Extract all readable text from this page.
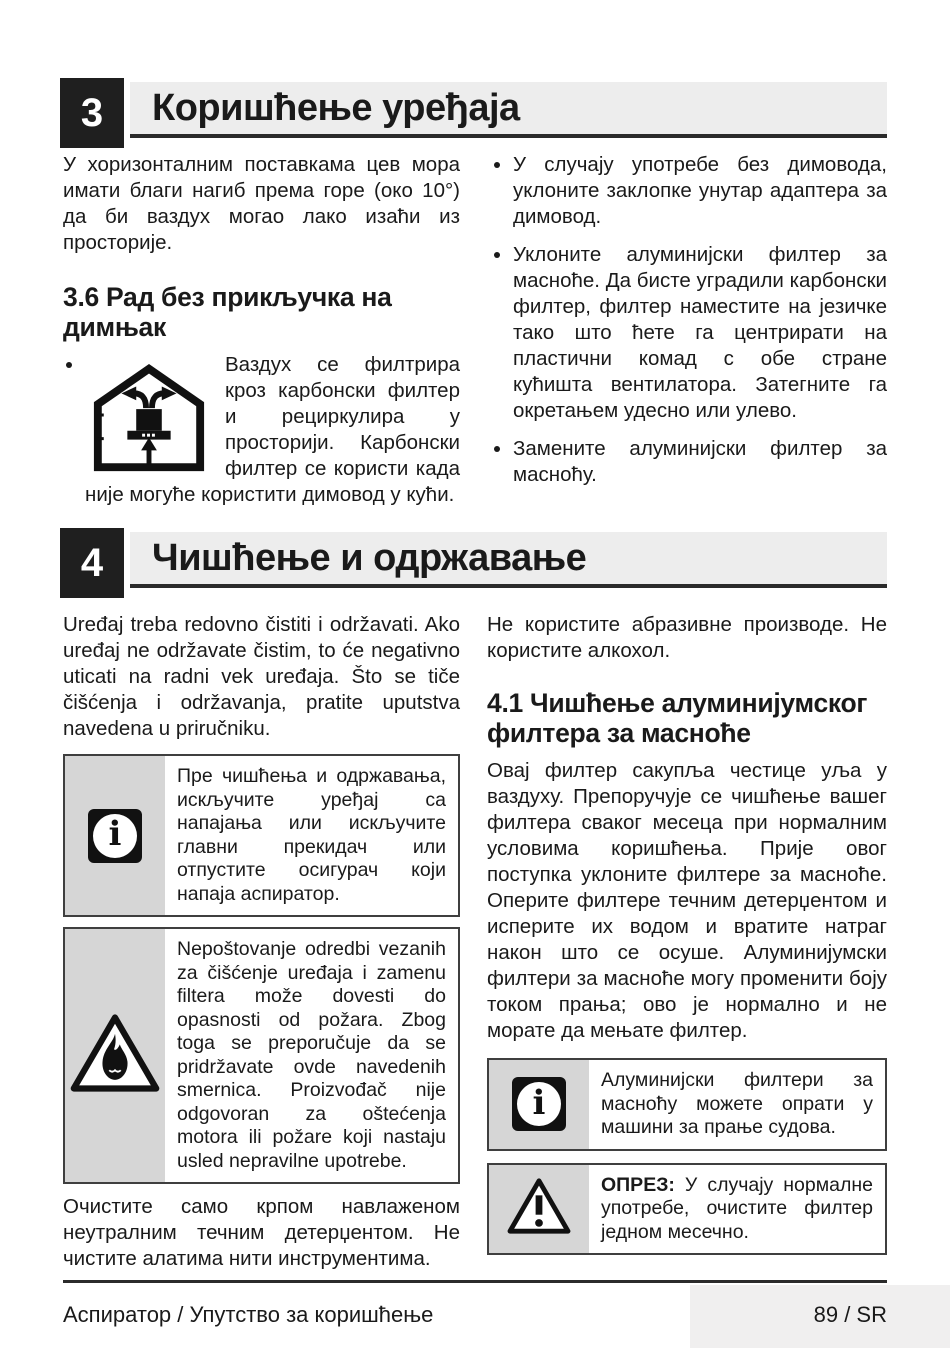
3	Коришћење уређаја

У хоризонталним поставкама цев мора имати благи нагиб према горе (око 10°) да би ваздух могао лако изаћи из просторије.

3.6 Рад без прикључка на димњак
• Ваздух се филтрира кроз карбонски филтер и рециркулира у просторији. Карбонски филтер се користи када није могуће користити димовод у кући.
• У случају употребе без димовода, уклоните заклопке унутар адаптера за димовод.
• Уклоните алуминијски филтер за масноће. Да бисте уградили карбонски филтер, филтер наместите на језичке тако што ћете га центрирати на пластични комад с обе стране кућишта вентилатора. Затегните га окретањем удесно или улево.
• Замените алуминијски филтер за масноћу.
4	Чишћење и одржавање

Uređaj treba redovno čistiti i održavati. Ako uređaj ne održavate čistim, to će negativno uticati na radni vek uređaja. Što se tiče čišćenja i održavanja, pratite uputstva navedena u priručniku.

i
Пре чишћења и одржавања, искључите уређај са напајања или искључите главни прекидач или отпустите осигурач који напаја аспиратор.
Nepoštovanje odredbi vezanih za čišćenje uređaja i zamenu filtera može dovesti do opasnosti od požara. Zbog toga se preporučuje da se pridržavate ovde navedenih smernica. Proizvođač nije odgovoran za oštećenja motora ili požare koji nastaju usled nepravilne upotrebe.

Очистите само крпом навлаженом неутралним течним детерџентом. Не чистите алатима нити инструментима.

Не користите абразивне производе. Не користите алкохол.

4.1 Чишћење алуминијумског филтера за масноће

Овај филтер сакупља честице уља у ваздуху. Препоручује се чишћење вашег филтера сваког месеца при нормалним условима коришћења. Прије овог поступка уклоните филтере за масноће. Оперите филтере течним детерџентом и исперите их водом и вратите натраг након што се осуше. Алуминијумски филтери за масноће могу променити боју током прања; ово је нормално и не морате да мењате филтер.

i
Алуминијски филтери за масноћу можете опрати у машини за прање судова.
ОПРЕЗ: У случају нормалне употребе, очистите филтер једном месечно.
Аспиратор / Упутство за коришћење	89 / SR
